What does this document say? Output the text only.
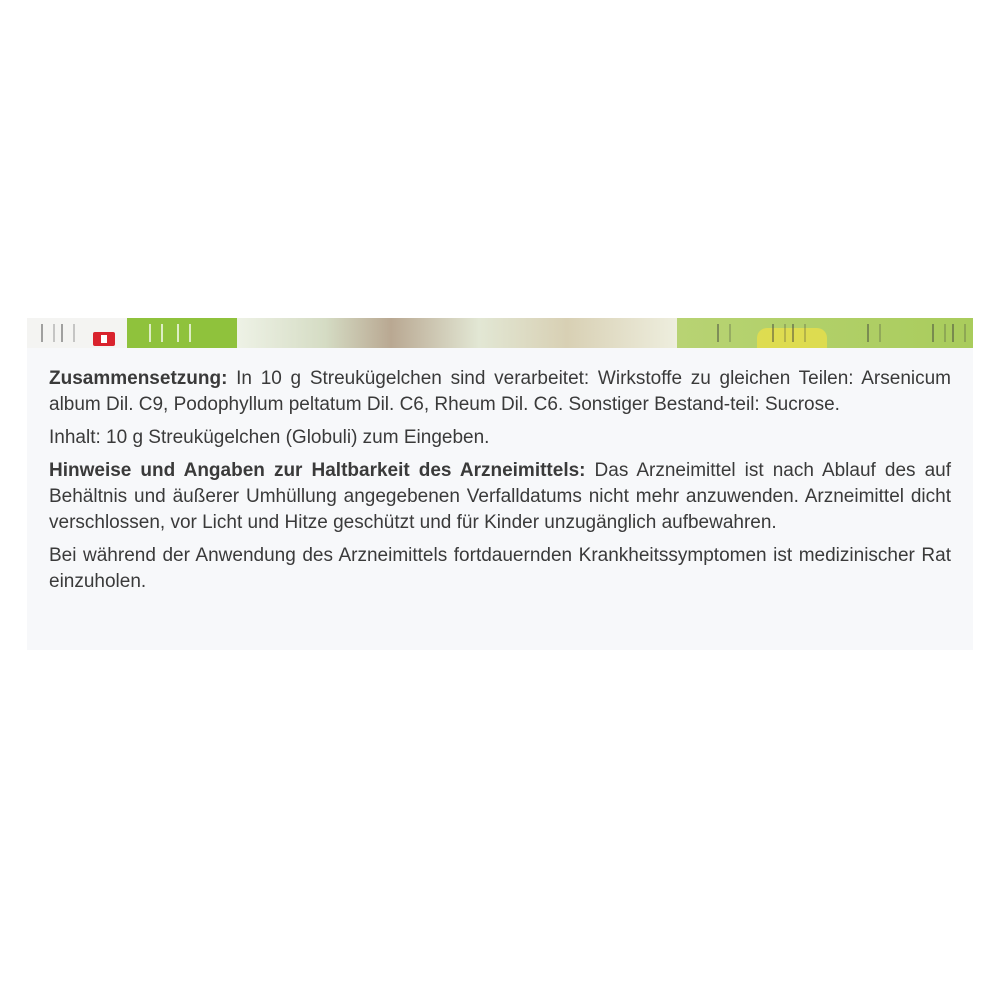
Zusammensetzung: In 10 g Streukügelchen sind verarbeitet: Wirkstoffe zu gleichen Teilen: Arsenicum album Dil. C9, Podophyllum peltatum Dil. C6, Rheum Dil. C6. Sonstiger Bestand-teil: Sucrose.

Inhalt: 10 g Streukügelchen (Globuli) zum Eingeben.

Hinweise und Angaben zur Haltbarkeit des Arzneimittels: Das Arzneimittel ist nach Ablauf des auf Behältnis und äußerer Umhüllung angegebenen Verfalldatums nicht mehr anzuwenden. Arzneimittel dicht verschlossen, vor Licht und Hitze geschützt und für Kinder unzugänglich aufbewahren.

Bei während der Anwendung des Arzneimittels fortdauernden Krankheitssymptomen ist medizinischer Rat einzuholen.
